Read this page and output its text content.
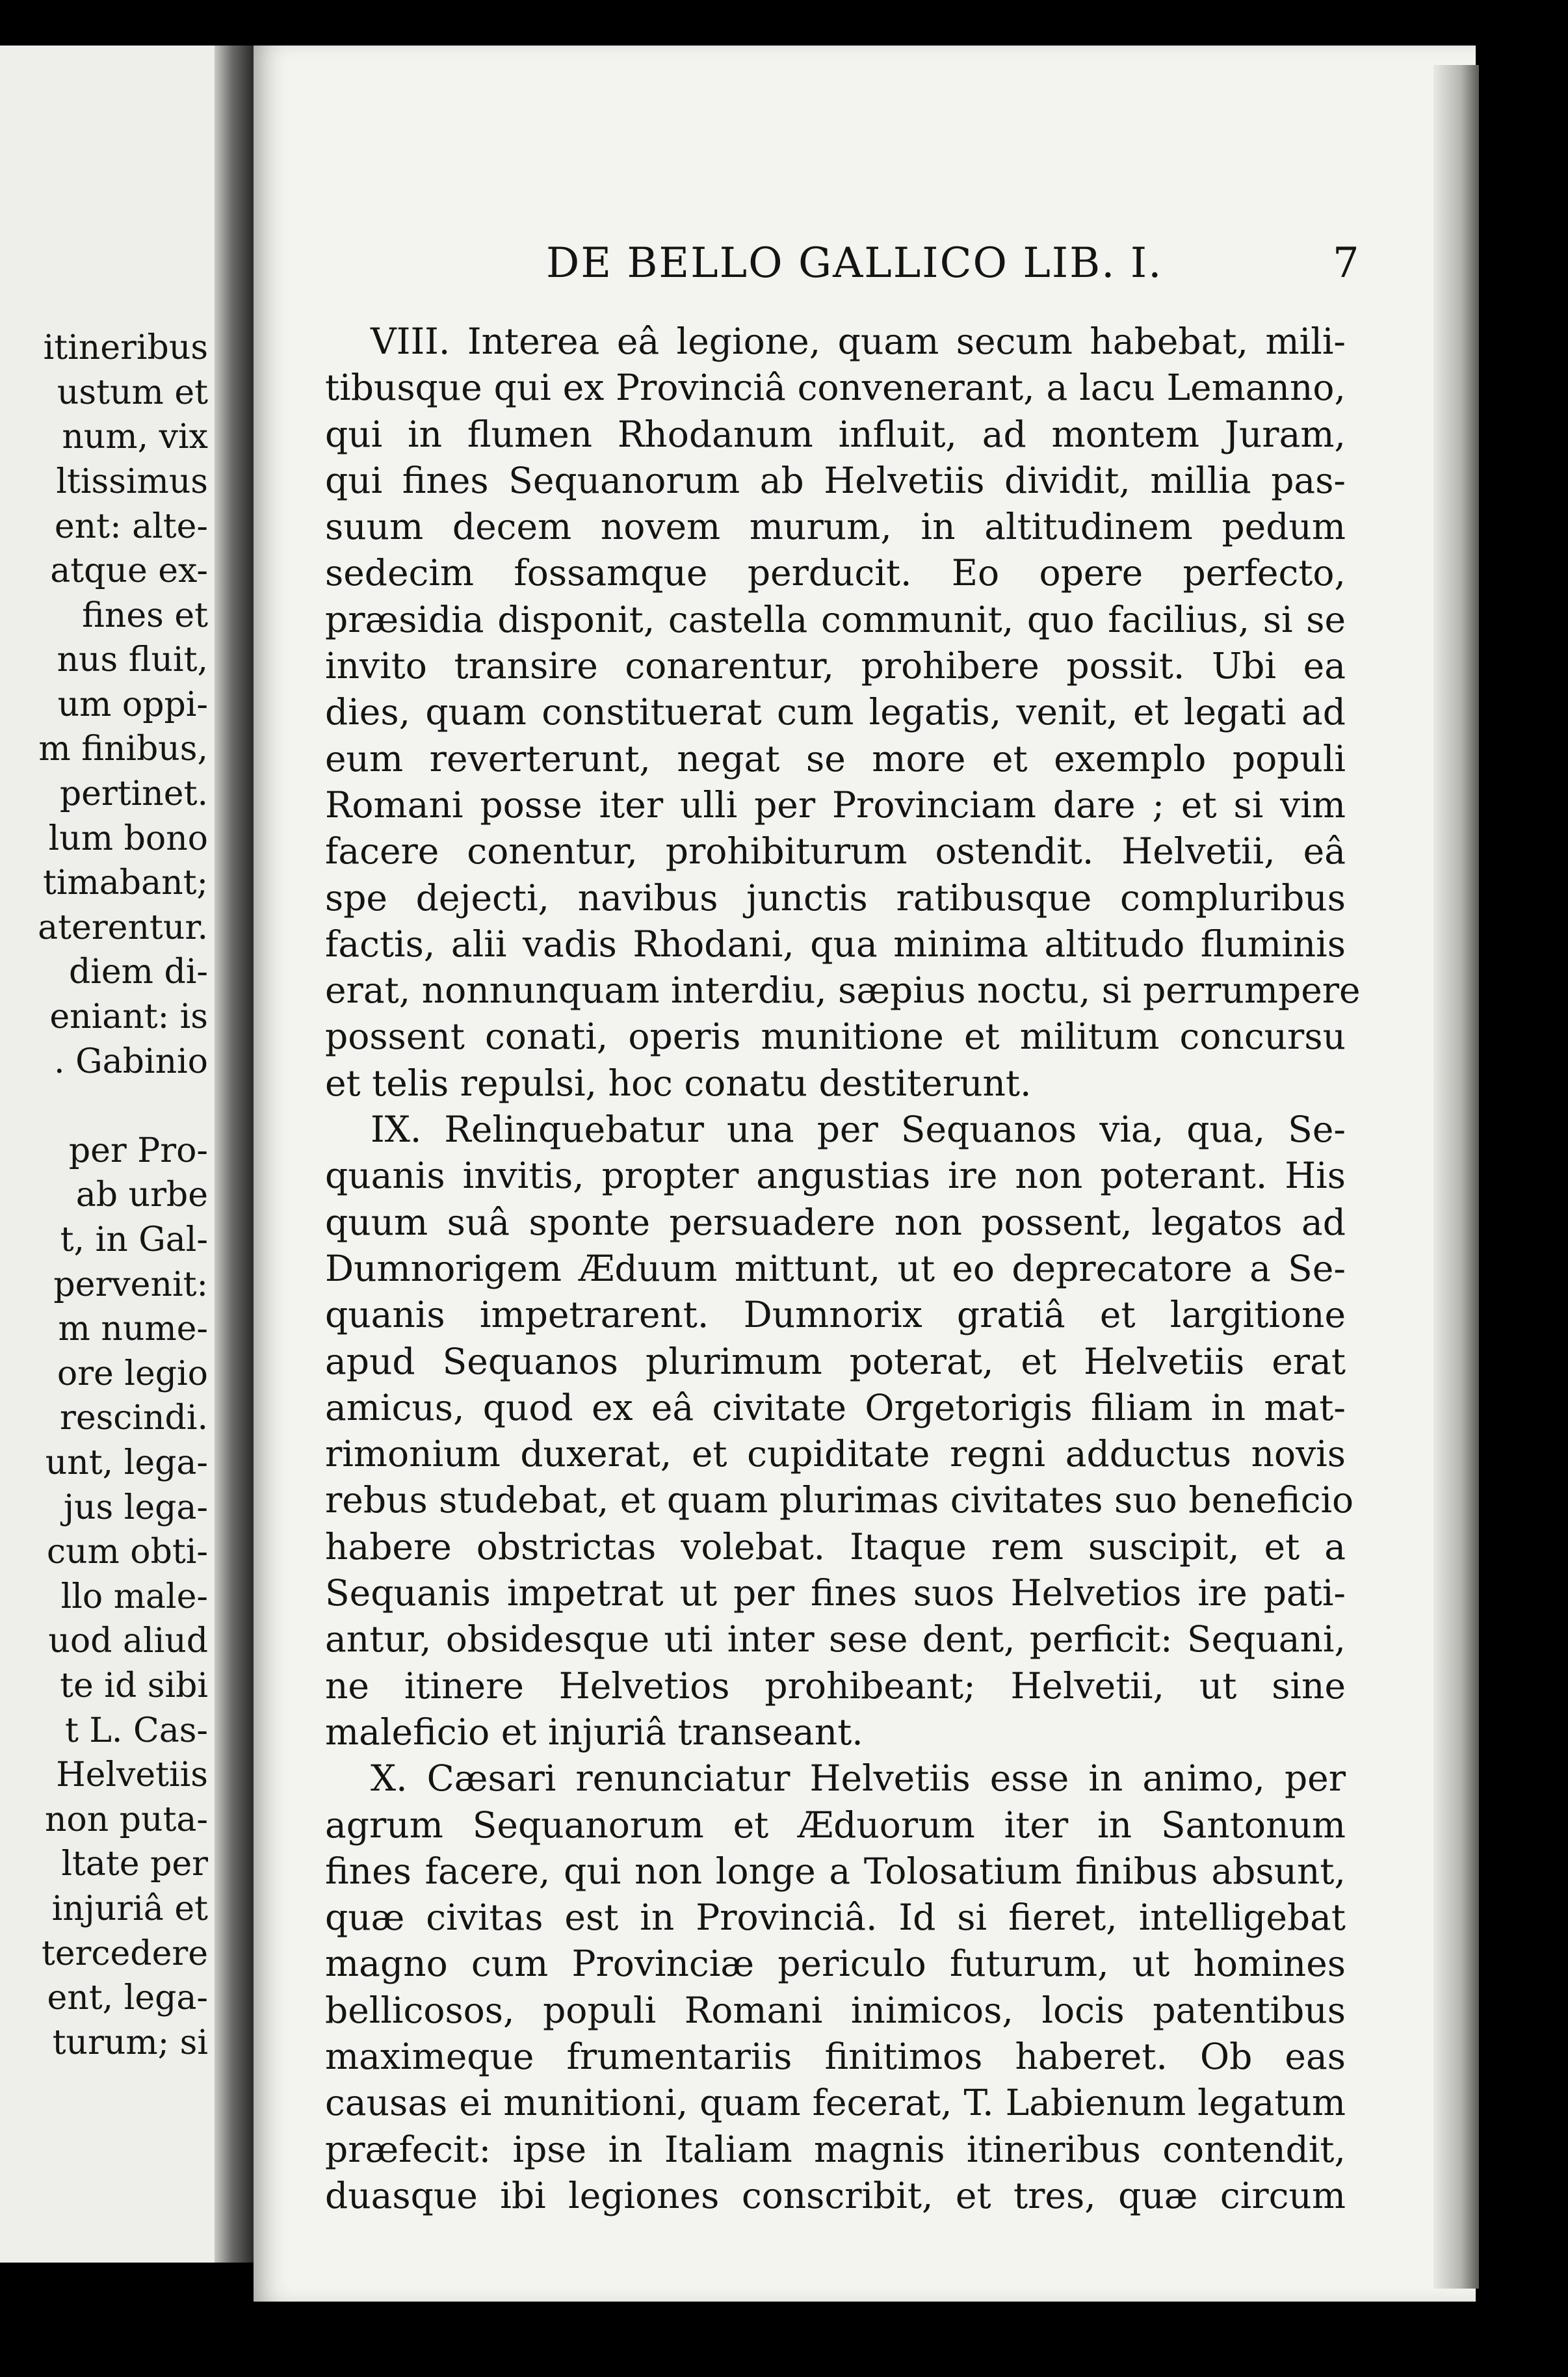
itineribus
ustum et
num, vix
ltissimus
ent: alte-
atque ex-
fines et
nus fluit,
um oppi-
m finibus,
pertinet.
lum bono
timabant;
aterentur.
diem di-
eniant: is
. Gabinio
per Pro-
ab urbe
t, in Gal-
pervenit:
m nume-
ore legio
rescindi.
unt, lega-
jus lega-
cum obti-
llo male-
uod aliud
te id sibi
t L. Cas-
Helvetiis
non puta-
ltate per
injuriâ et
tercedere
ent, lega-
turum; si
DE BELLO GALLICO LIB. I.	7
VIII. Interea eâ legione, quam secum habebat, mili-
tibusque qui ex Provinciâ convenerant, a lacu Lemanno,
qui in flumen Rhodanum influit, ad montem Juram,
qui fines Sequanorum ab Helvetiis dividit, millia pas-
suum decem novem murum, in altitudinem pedum
sedecim fossamque perducit. Eo opere perfecto,
præsidia disponit, castella communit, quo facilius, si se
invito transire conarentur, prohibere possit. Ubi ea
dies, quam constituerat cum legatis, venit, et legati ad
eum reverterunt, negat se more et exemplo populi
Romani posse iter ulli per Provinciam dare ; et si vim
facere conentur, prohibiturum ostendit. Helvetii, eâ
spe dejecti, navibus junctis ratibusque compluribus
factis, alii vadis Rhodani, qua minima altitudo fluminis
erat, nonnunquam interdiu, sæpius noctu, si perrumpere
possent conati, operis munitione et militum concursu
et telis repulsi, hoc conatu destiterunt.
IX. Relinquebatur una per Sequanos via, qua, Se-
quanis invitis, propter angustias ire non poterant. His
quum suâ sponte persuadere non possent, legatos ad
Dumnorigem Æduum mittunt, ut eo deprecatore a Se-
quanis impetrarent. Dumnorix gratiâ et largitione
apud Sequanos plurimum poterat, et Helvetiis erat
amicus, quod ex eâ civitate Orgetorigis filiam in mat-
rimonium duxerat, et cupiditate regni adductus novis
rebus studebat, et quam plurimas civitates suo beneficio
habere obstrictas volebat. Itaque rem suscipit, et a
Sequanis impetrat ut per fines suos Helvetios ire pati-
antur, obsidesque uti inter sese dent, perficit: Sequani,
ne itinere Helvetios prohibeant; Helvetii, ut sine
maleficio et injuriâ transeant.
X. Cæsari renunciatur Helvetiis esse in animo, per
agrum Sequanorum et Æduorum iter in Santonum
fines facere, qui non longe a Tolosatium finibus absunt,
quæ civitas est in Provinciâ. Id si fieret, intelligebat
magno cum Provinciæ periculo futurum, ut homines
bellicosos, populi Romani inimicos, locis patentibus
maximeque frumentariis finitimos haberet. Ob eas
causas ei munitioni, quam fecerat, T. Labienum legatum
præfecit: ipse in Italiam magnis itineribus contendit,
duasque ibi legiones conscribit, et tres, quæ circum
